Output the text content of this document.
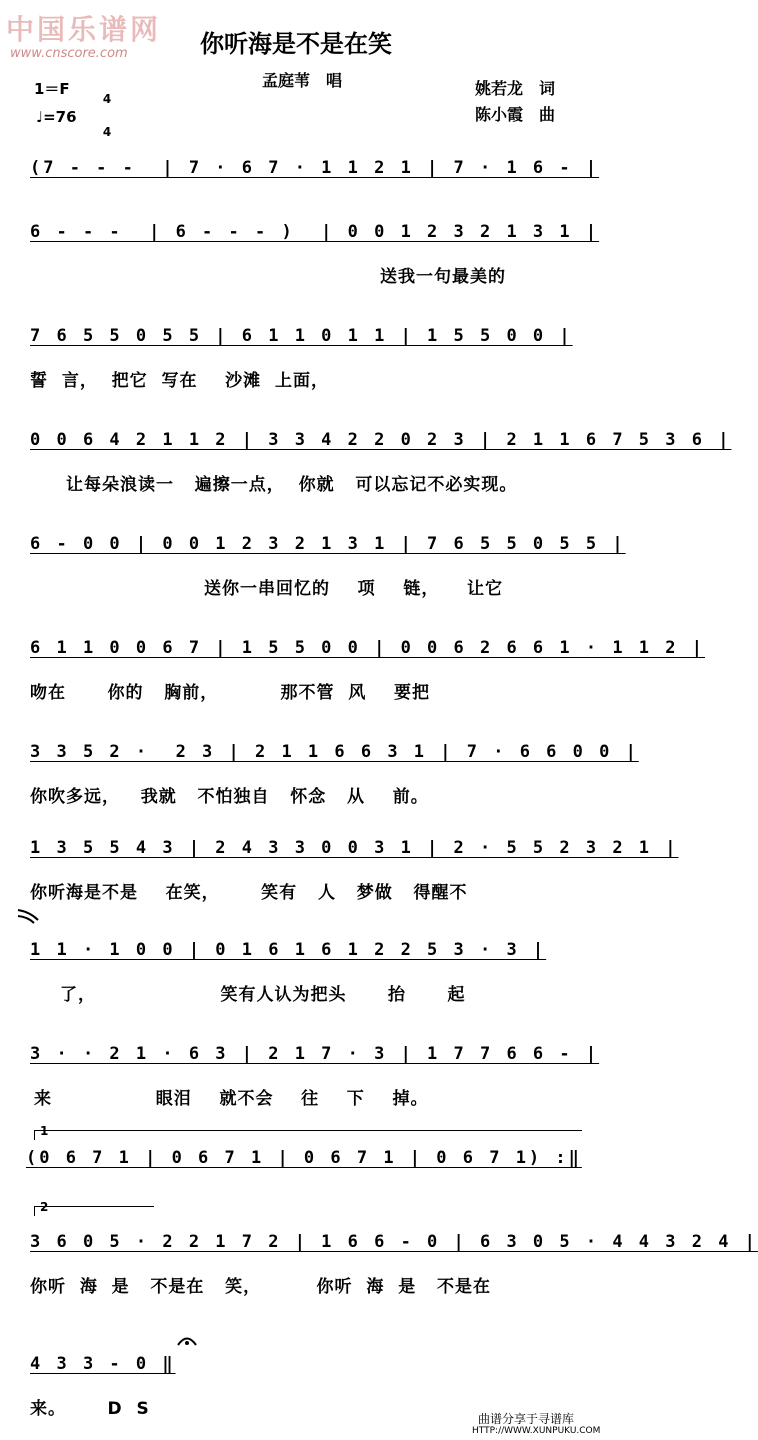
中国乐谱网
www.cnscore.com	你听海是不是在笑
孟庭苇　唱	姚若龙　词
陈小霞　曲
1＝F

4

4

♩=76
(7 - - -  | 7 · 6 7 · 1 1 2 1 | 7 · 1 6 - |
6 - - -  | 6 - - - )  | 0 0 1 2 3 2 1 3 1 |
送我一句最美的
7 6 5 5 0 5 5 | 6 1 1 0 1 1 | 1 5 5 0 0 |
誓  言，  把它  写在    沙滩  上面，
0 0 6 4 2 1 1 2 | 3 3 4 2 2 0 2 3 | 2 1 1 6 7 5 3 6 |
让每朵浪读一   遍擦一点，  你就   可以忘记不必实现。
6 - 0 0 | 0 0 1 2 3 2 1 3 1 | 7 6 5 5 0 5 5 |
送你一串回忆的    项    链，    让它
6 1 1 0 0 6 7 | 1 5 5 0 0 | 0 0 6 2 6 6 1 · 1 1 2 |
吻在      你的   胸前，         那不管  风    要把
3 3 5 2 ·  2 3 | 2 1 1 6 6 3 1 | 7 · 6 6 0 0 |
你吹多远，   我就   不怕独自   怀念   从    前。
1 3 5 5 4 3 | 2 4 3 3 0 0 3 1 | 2 · 5 5 2 3 2 1 |
你听海是不是    在笑，      笑有   人   梦做   得醒不
1 1 · 1 0 0 | 0 1 6 1 6 1 2 2 5 3 · 3 |
了，                  笑有人认为把头      抬      起
3 · · 2 1 · 6 3 | 2 1 7 · 3 | 1 7 7 6 6 - |
来               眼泪    就不会    往    下    掉。
1
(0 6 7 1 | 0 6 7 1 | 0 6 7 1 | 0 6 7 1) :‖
2
3 6 0 5 · 2 2 1 7 2 | 1 6 6 - 0 | 6 3 0 5 · 4 4 3 2 4 |
你听  海  是   不是在   笑，        你听  海  是   不是在
4 3 3 - 0 ‖
来。      D  S	曲谱分享于寻谱库
HTTP://WWW.XUNPUKU.COM
